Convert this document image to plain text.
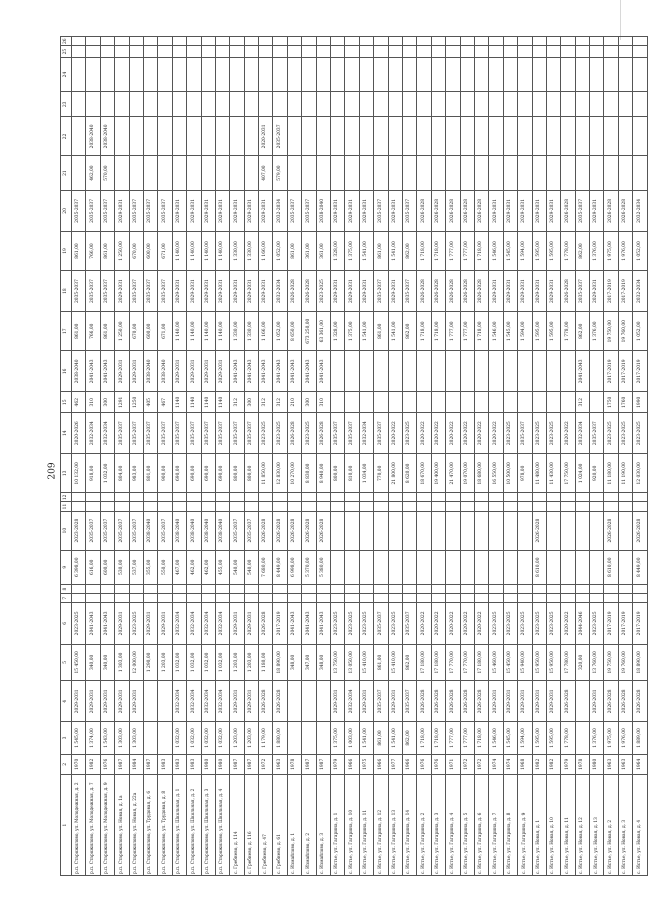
209
1	2	3	4	5	6	7	8	9	10	11	12	13	14	15	16	17	18	19	20	21	22	23	24	25	26
р.п. Старожилово, ул. Молодежная, д. 2	1970	1 545,00	2029-2031	15 450,00	2023-2025			6 398,00	2023-2028			10 132,00	2020-2026	462	2038-2040	861,00	2035-2037	861,00	2035-2037						
р.п. Старожилово, ул. Молодежная, д. 7	1982	1 374,00	2029-2031	340,00	2041-2043			616,00	2035-2037			918,00	2032-2034	310	2041-2043	766,00	2035-2037	766,00	2035-2037	462,00	2038-2040				
р.п. Старожилово, ул. Молодежная, д. 9	1976	1 543,00	2029-2031	340,00	2041-2043			600,00	2035-2037			1 032,00	2032-2034	300	2041-2043	861,00	2035-2037	861,00	2035-2037	570,00	2038-2040				
р.п. Старожилово, ул. Новая, д. 1а	1987	1 303,00	2029-2031	1 303,00	2029-2031			530,00	2035-2037			804,00	2035-2037	1291	2029-2031	1 250,00	2029-2031	1 250,00	2029-2031						
р.п. Старожилово, ул. Новая, д. 22а	1984	1 303,00	2029-2031	12 000,00	2023-2025			537,00	2035-2037			983,00	2035-2037	1250	2029-2031	670,00	2035-2037	670,00	2035-2037						
р.п. Старожилово, ул. Трудовая, д. 6	1987			1 290,00	2029-2031			355,00	2038-2040			801,00	2035-2037	405	2038-2040	600,00	2035-2037	600,00	2035-2037						
р.п. Старожилово, ул. Трудовая, д. 8	1983			1 203,00	2029-2031			550,00	2035-2037			900,00	2035-2037	467	2038-2040	671,00	2035-2037	671,00	2035-2037						
р.п. Старожилово, ул. Школьная, д. 1	1983	1 032,00	2032-2034	1 032,00	2032-2034			467,00	2038-2040			690,00	2035-2037	1140	2029-2031	1 140,00	2029-2031	1 140,00	2029-2031						
р.п. Старожилово, ул. Школьная, д. 2	1983	1 032,00	2032-2034	1 032,00	2032-2034			462,00	2038-2040			690,00	2035-2037	1140	2029-2031	1 140,00	2029-2031	1 140,00	2029-2031						
р.п. Старожилово, ул. Школьная, д. 3	1980	1 032,00	2032-2034	1 032,00	2032-2034			462,00	2038-2040			690,00	2035-2037	1140	2029-2031	1 140,00	2029-2031	1 140,00	2029-2031						
р.п. Старожилово, ул. Школьная, д. 4	1980	1 032,00	2032-2034	1 032,00	2032-2034			455,00	2038-2040			690,00	2035-2037	1140	2029-2031	1 140,00	2029-2031	1 140,00	2029-2031						
с. Гребнево, д. 114	1987	1 203,00	2029-2031	1 203,00	2029-2031			540,00	2035-2037			800,00	2035-2037	312	2041-2043	1 330,00	2029-2031	1 330,00	2029-2031						
с. Гребнево, д. 116	1987	1 203,00	2029-2031	1 203,00	2029-2031			540,00	2035-2037			800,00	2035-2037	300	2041-2043	1 330,00	2029-2031	1 330,00	2029-2031						
с. Гребнево, д. 47	1972	1 179,00	2026-2028	1 180,00	2026-2028			7 680,00	2026-2028			11 850,00	2023-2025	312	2041-2043	1 166,00	2029-2031	1 166,00	2029-2031	407,00	2020-2031				
с. Гребнево, д. 61	1963	1 880,00	2026-2028	18 890,00	2017-2019			8 449,00	2026-2028			12 830,00	2023-2025	312	2041-2043	1 052,00	2032-2034	1 052,00	2032-2034	579,00	2035-2037				
с. Измайлово, д. 1	1978			348,00	2041-2043			6 998,00	2026-2028			10 270,00	2026-2028	210	2041-2043	8 650,00	2026-2028	861,00	2035-2037						
с. Измайлово, д. 2	1987			347,00	2041-2043			5 370,00	2026-2028			8 830,00	2023-2025	300	2041-2043	673 250,00	2026-2028	361,00	2035-2037						
с. Измайлово, д. 3	1987			348,00	2041-2043			5 380,00	2026-2028			8 940,00	2026-2028	310	2041-2043	63 361,00	2023-2025	361,00	2038-2040						
с. Истье, ул. Гагарина, д. 1	1979	1 375,00	2029-2031	13 750,00	2023-2025							800,00	2035-2037			1 328,00	2029-2031	1 328,00	2029-2031						
с. Истье, ул. Гагарина, д. 10	1966	1 003,00	2032-2034	13 050,00	2023-2025							810,00	2035-2037			1 375,00	2029-2031	1 375,00	2029-2031						
с. Истье, ул. Гагарина, д. 11	1975	1 541,00	2029-2031	15 410,00	2023-2025							1 034,00	2032-2034			1 541,00	2029-2031	1 541,00	2029-2031						
с. Истье, ул. Гагарина, д. 12	1966	861,00	2035-2037	861,00	2035-2037							770,00	2035-2037			861,00	2035-2037	861,00	2035-2037						
с. Истье, ул. Гагарина, д. 13	1977	1 541,00	2029-2031	15 410,00	2023-2025							21 800,00	2020-2022			1 541,00	2029-2031	1 541,00	2029-2031						
с. Истье, ул. Гагарина, д. 14	1966	862,00	2035-2037	862,00	2035-2037							8 620,00	2023-2025			862,00	2035-2037	862,00	2035-2037						
с. Истье, ул. Гагарина, д. 2	1976	1 718,00	2026-2028	17 180,00	2020-2022							18 670,00	2020-2022			1 718,00	2026-2028	1 718,00	2026-2028						
с. Истье, ул. Гагарина, д. 3	1976	1 718,00	2026-2028	17 180,00	2020-2022							19 400,00	2020-2022			1 718,00	2026-2028	1 718,00	2026-2028						
с. Истье, ул. Гагарина, д. 4	1971	1 777,00	2026-2028	17 770,00	2020-2022							21 470,00	2020-2022			1 777,00	2026-2028	1 777,00	2026-2028						
с. Истье, ул. Гагарина, д. 5	1972	1 777,00	2026-2028	17 770,00	2020-2022							19 070,00	2020-2022			1 777,00	2026-2028	1 777,00	2026-2028						
с. Истье, ул. Гагарина, д. 6	1972	1 718,00	2026-2028	17 180,00	2020-2022							18 680,00	2020-2022			1 718,00	2026-2028	1 718,00	2026-2028						
с. Истье, ул. Гагарина, д. 7	1974	1 546,00	2029-2031	15 460,00	2023-2025							16 550,00	2020-2022			1 546,00	2029-2031	1 546,00	2029-2031						
с. Истье, ул. Гагарина, д. 8	1974	1 545,00	2029-2031	15 450,00	2023-2025							10 500,00	2023-2025			1 545,00	2029-2031	1 545,00	2029-2031						
с. Истье, ул. Гагарина, д. 9	1968	1 594,00	2029-2031	15 940,00	2023-2025							978,00	2035-2037			1 594,00	2029-2031	1 594,00	2029-2031						
с. Истье, ул. Новая, д. 1	1982	1 595,00	2029-2031	15 950,00	2023-2025			8 610,00	2026-2028			11 480,00	2023-2025			1 595,00	2029-2031	1 595,00	2029-2031						
с. Истье, ул. Новая, д. 10	1982	1 595,00	2029-2031	15 950,00	2023-2025							11 430,00	2023-2025			1 595,00	2029-2031	1 595,00	2029-2031						
с. Истье, ул. Новая, д. 11	1979	1 778,00	2026-2028	17 780,00	2020-2022							17 750,00	2020-2022			1 778,00	2026-2028	1 778,00	2026-2028						
с. Истье, ул. Новая, д. 12	1978			320,00	2044-2046							1 024,00	2032-2034	312	2041-2043	862,00	2035-2037	862,00	2035-2037						
с. Истье, ул. Новая, д. 13	1980	1 376,00	2029-2031	13 760,00	2023-2025							920,00	2035-2037			1 376,00	2029-2031	1 376,00	2029-2031						
с. Истье, ул. Новая, д. 2	1963	1 975,00	2026-2028	19 750,00	2017-2019			8 610,00	2026-2028			11 180,00	2023-2025	1750	2017-2019	19 750,00	2017-2019	1 975,00	2026-2028						
с. Истье, ул. Новая, д. 3	1963	1 976,00	2026-2028	19 760,00	2017-2019							11 190,00	2023-2025	1760	2017-2019	19 760,00	2017-2019	1 976,00	2026-2028						
с. Истье, ул. Новая, д. 4	1964	1 889,00	2026-2028	18 890,00	2017-2019			8 449,00	2026-2028			12 030,00	2023-2025	1990	2017-2019	1 052,00	2032-2034	1 052,00	2032-2034						
